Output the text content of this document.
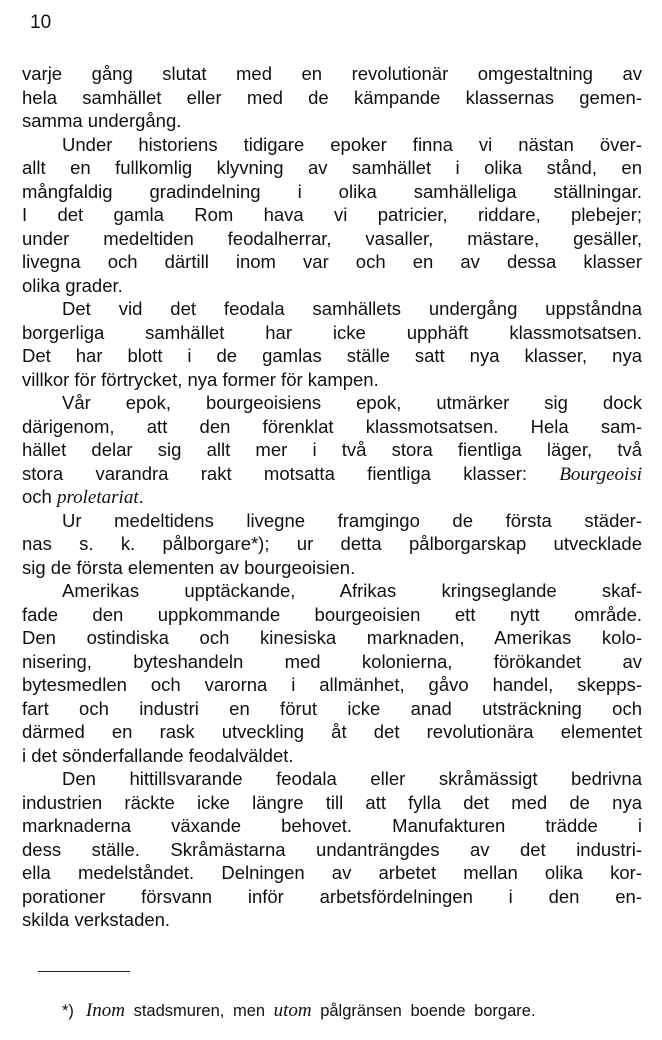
10
varje gång slutat med en revolutionär omgestaltning av
hela samhället eller med de kämpande klassernas gemen-
samma undergång.
Under historiens tidigare epoker finna vi nästan över-
allt en fullkomlig klyvning av samhället i olika stånd, en
mångfaldig gradindelning i olika samhälleliga ställningar.
I det gamla Rom hava vi patricier, riddare, plebejer;
under medeltiden feodalherrar, vasaller, mästare, gesäller,
livegna och därtill inom var och en av dessa klasser
olika grader.
Det vid det feodala samhällets undergång uppståndna
borgerliga samhället har icke upphäft klassmotsatsen.
Det har blott i de gamlas ställe satt nya klasser, nya
villkor för förtrycket, nya former för kampen.
Vår epok, bourgeoisiens epok, utmärker sig dock
därigenom, att den förenklat klassmotsatsen. Hela sam-
hället delar sig allt mer i två stora fientliga läger, två
stora varandra rakt motsatta fientliga klasser: Bourgeoisi
och proletariat.
Ur medeltidens livegne framgingo de första städer-
nas s. k. pålborgare*); ur detta pålborgarskap utvecklade
sig de första elementen av bourgeoisien.
Amerikas upptäckande, Afrikas kringseglande skaf-
fade den uppkommande bourgeoisien ett nytt område.
Den ostindiska och kinesiska marknaden, Amerikas kolo-
nisering, byteshandeln med kolonierna, förökandet av
bytesmedlen och varorna i allmänhet, gåvo handel, skepps-
fart och industri en förut icke anad utsträckning och
därmed en rask utveckling åt det revolutionära elementet
i det sönderfallande feodalväldet.
Den hittillsvarande feodala eller skråmässigt bedrivna
industrien räckte icke längre till att fylla det med de nya
marknaderna växande behovet. Manufakturen trädde i
dess ställe. Skråmästarna undanträngdes av det industri-
ella medelståndet. Delningen av arbetet mellan olika kor-
porationer försvann inför arbetsfördelningen i den en-
skilda verkstaden.
*) Inom stadsmuren, men utom pålgränsen boende borgare.
